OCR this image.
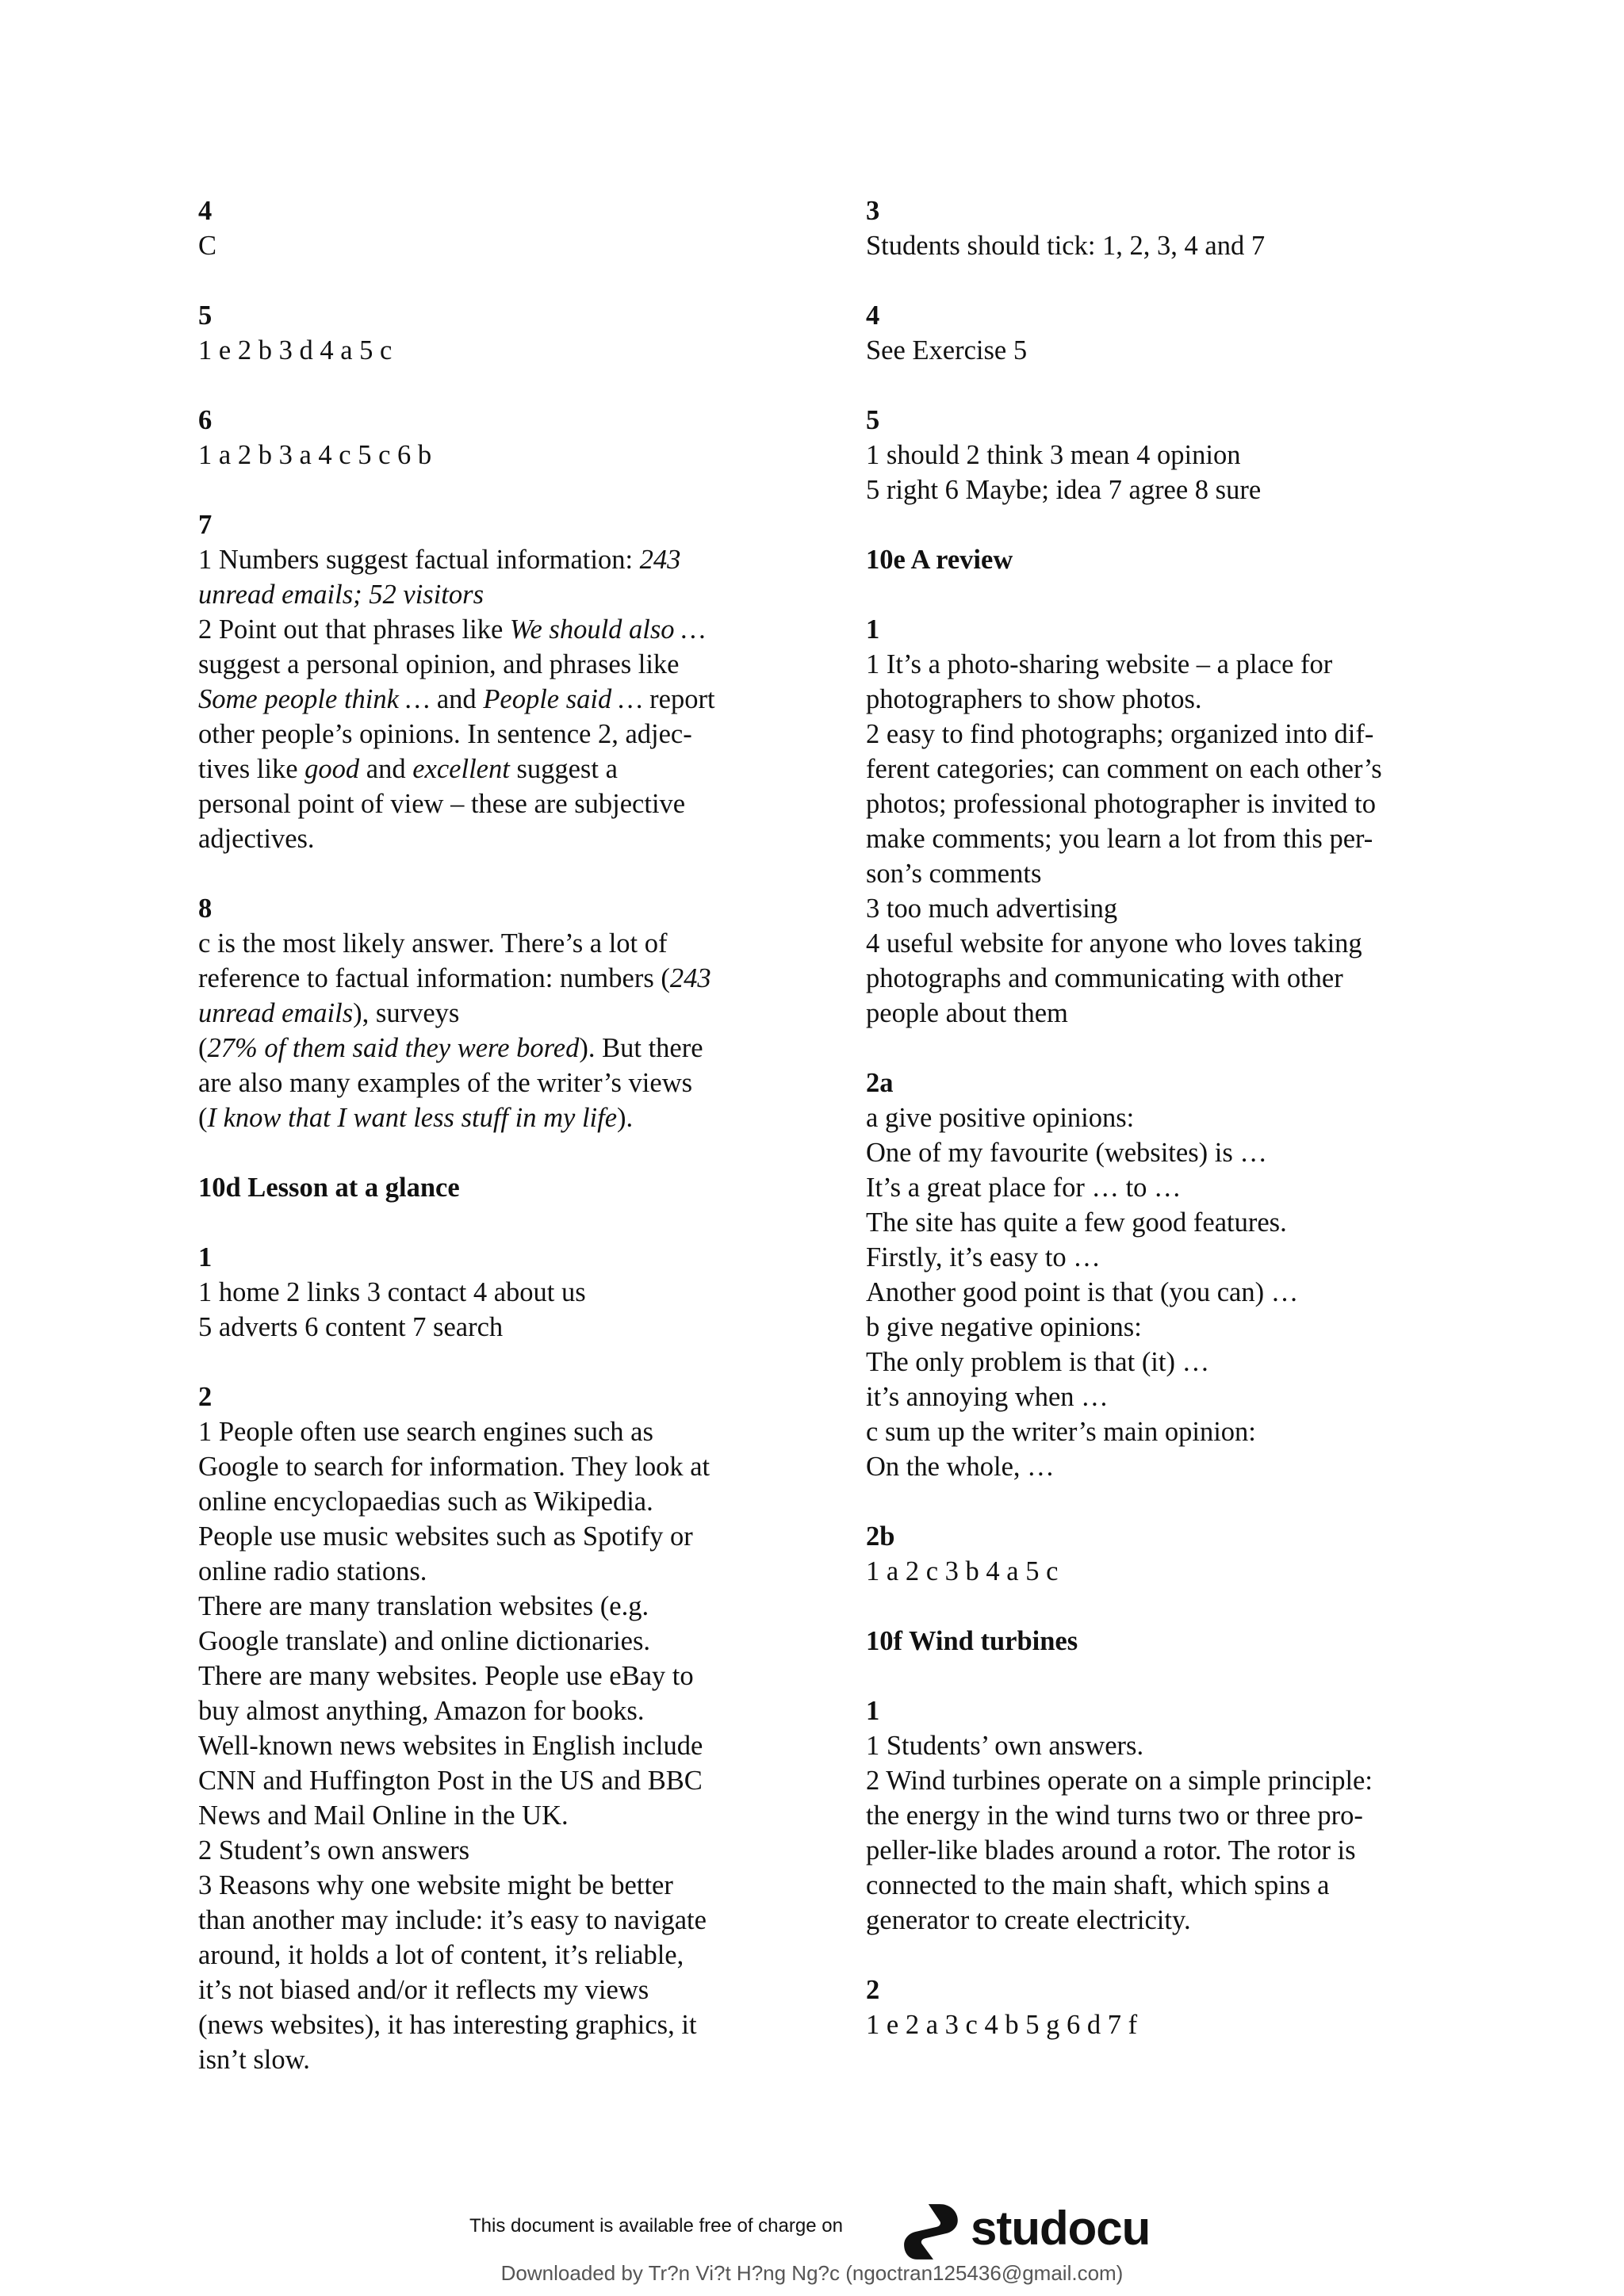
4
C
5
1 e 2 b 3 d 4 a 5 c
6
1 a 2 b 3 a 4 c 5 c 6 b
7
1 Numbers suggest factual information: 243
unread emails; 52 visitors
2 Point out that phrases like We should also …
suggest a personal opinion, and phrases like
Some people think … and People said … report
other people’s opinions. In sentence 2, adjec-
tives like good and excellent suggest a
personal point of view – these are subjective
adjectives.
8
c is the most likely answer. There’s a lot of
reference to factual information: numbers (243
unread emails), surveys
(27% of them said they were bored). But there
are also many examples of the writer’s views
(I know that I want less stuff in my life).
10d Lesson at a glance
1
1 home 2 links 3 contact 4 about us
5 adverts 6 content 7 search
2
1 People often use search engines such as
Google to search for information. They look at
online encyclopaedias such as Wikipedia.
People use music websites such as Spotify or
online radio stations.
There are many translation websites (e.g.
Google translate) and online dictionaries.
There are many websites. People use eBay to
buy almost anything, Amazon for books.
Well-known news websites in English include
CNN and Huffington Post in the US and BBC
News and Mail Online in the UK.
2 Student’s own answers
3 Reasons why one website might be better
than another may include: it’s easy to navigate
around, it holds a lot of content, it’s reliable,
it’s not biased and/or it reflects my views
(news websites), it has interesting graphics, it
isn’t slow.
3
Students should tick: 1, 2, 3, 4 and 7
4
See Exercise 5
5
1 should 2 think 3 mean 4 opinion
5 right 6 Maybe; idea 7 agree 8 sure
10e A review
1
1 It’s a photo-sharing website – a place for
photographers to show photos.
2 easy to find photographs; organized into dif-
ferent categories; can comment on each other’s
photos; professional photographer is invited to
make comments; you learn a lot from this per-
son’s comments
3 too much advertising
4 useful website for anyone who loves taking
photographs and communicating with other
people about them
2a
a give positive opinions:
One of my favourite (websites) is …
It’s a great place for … to …
The site has quite a few good features.
Firstly, it’s easy to …
Another good point is that (you can) …
b give negative opinions:
The only problem is that (it) …
it’s annoying when …
c sum up the writer’s main opinion:
On the whole, …
2b
1 a 2 c 3 b 4 a 5 c
10f Wind turbines
1
1 Students’ own answers.
2 Wind turbines operate on a simple principle:
the energy in the wind turns two or three pro-
peller-like blades around a rotor. The rotor is
connected to the main shaft, which spins a
generator to create electricity.
2
1 e 2 a 3 c 4 b 5 g 6 d 7 f
This document is available free of charge on	studocu
Downloaded by Tr?n Vi?t H?ng Ng?c (ngoctran125436@gmail.com)
